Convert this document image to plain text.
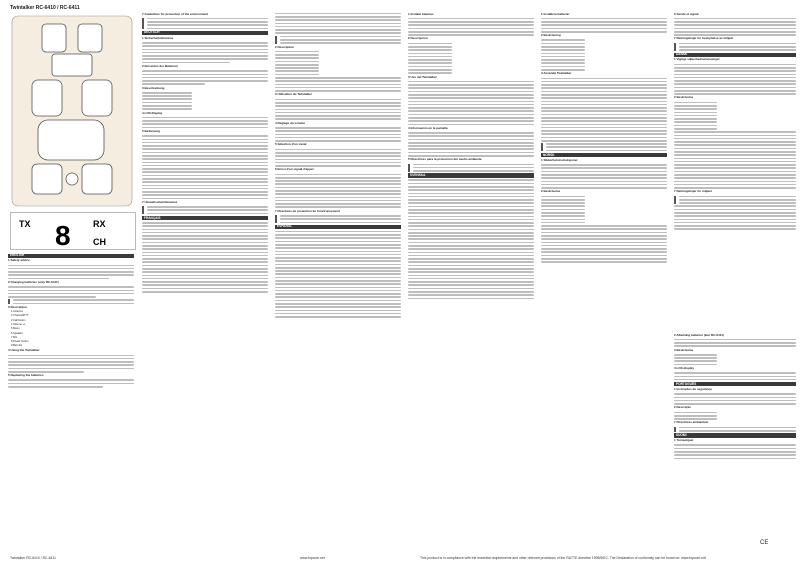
Twintalker RC-6410 / RC-6411
TX	RX
8 CH
ENGLISH
1 Safety advice
2 Charging batteries (only RC-6411)
3 Description

1 Antenna

2 Channel/PTT

3 Call button

4 Volume +/-

5 Menu

6 Speaker

7 Mic

8 Power button

9 Belt clip

4 Using the Twintalker
5 Replacing the batteries
7 Guidelines for protection of the environment
DEUTSCH
1 Sicherheitshinweise
2 Einsetzen der Batterien
3 Beschreibung
4 LCD-Display
5 Bedienung
7 Umweltschutzhinweise
FRANÇAIS
2 Description
3 Utilisation du Twintalker
4 Réglage du volume
5 Sélection d'un canal
6 Envoi d'un signal d'appel
7 Directives de protection de l'environnement
ESPAÑOL
1 Instalar baterías
2 Descripción
3 Uso del Twintalker
4 Información en la pantalla
5 Directrices para la protección del medio ambiente
SVENSKA
1 Installera batterier
2 Beskrivning
3 Använda Twintalker
NORSK
1 Sikkerhetsinstruksjoner
2 Beskrivelse
6 Sende et signal
7 Retningslinjer for beskyttelse av miljøet
DANSK
1 Vigtige sikkerhedsanvisninger
2 Beskrivelse
7 Retningslinjer for miljøet
2 Afladning batterier (kun RC-6411)
3 Beskrivelse
4 LCD-display
PORTUGUÊS
1 Instruções de segurança
2 Descrição
7 Directrizes ambientais
SUOMI
1 Turvaohjeet
Twintalker RC-6410 / RC-6411	www.topcom.net	This product is in compliance with the essential requirements and other relevant provisions of the R&TTE directive 1999/5/EC. The Declaration of conformity can be found on: www.topcom.net
CE
